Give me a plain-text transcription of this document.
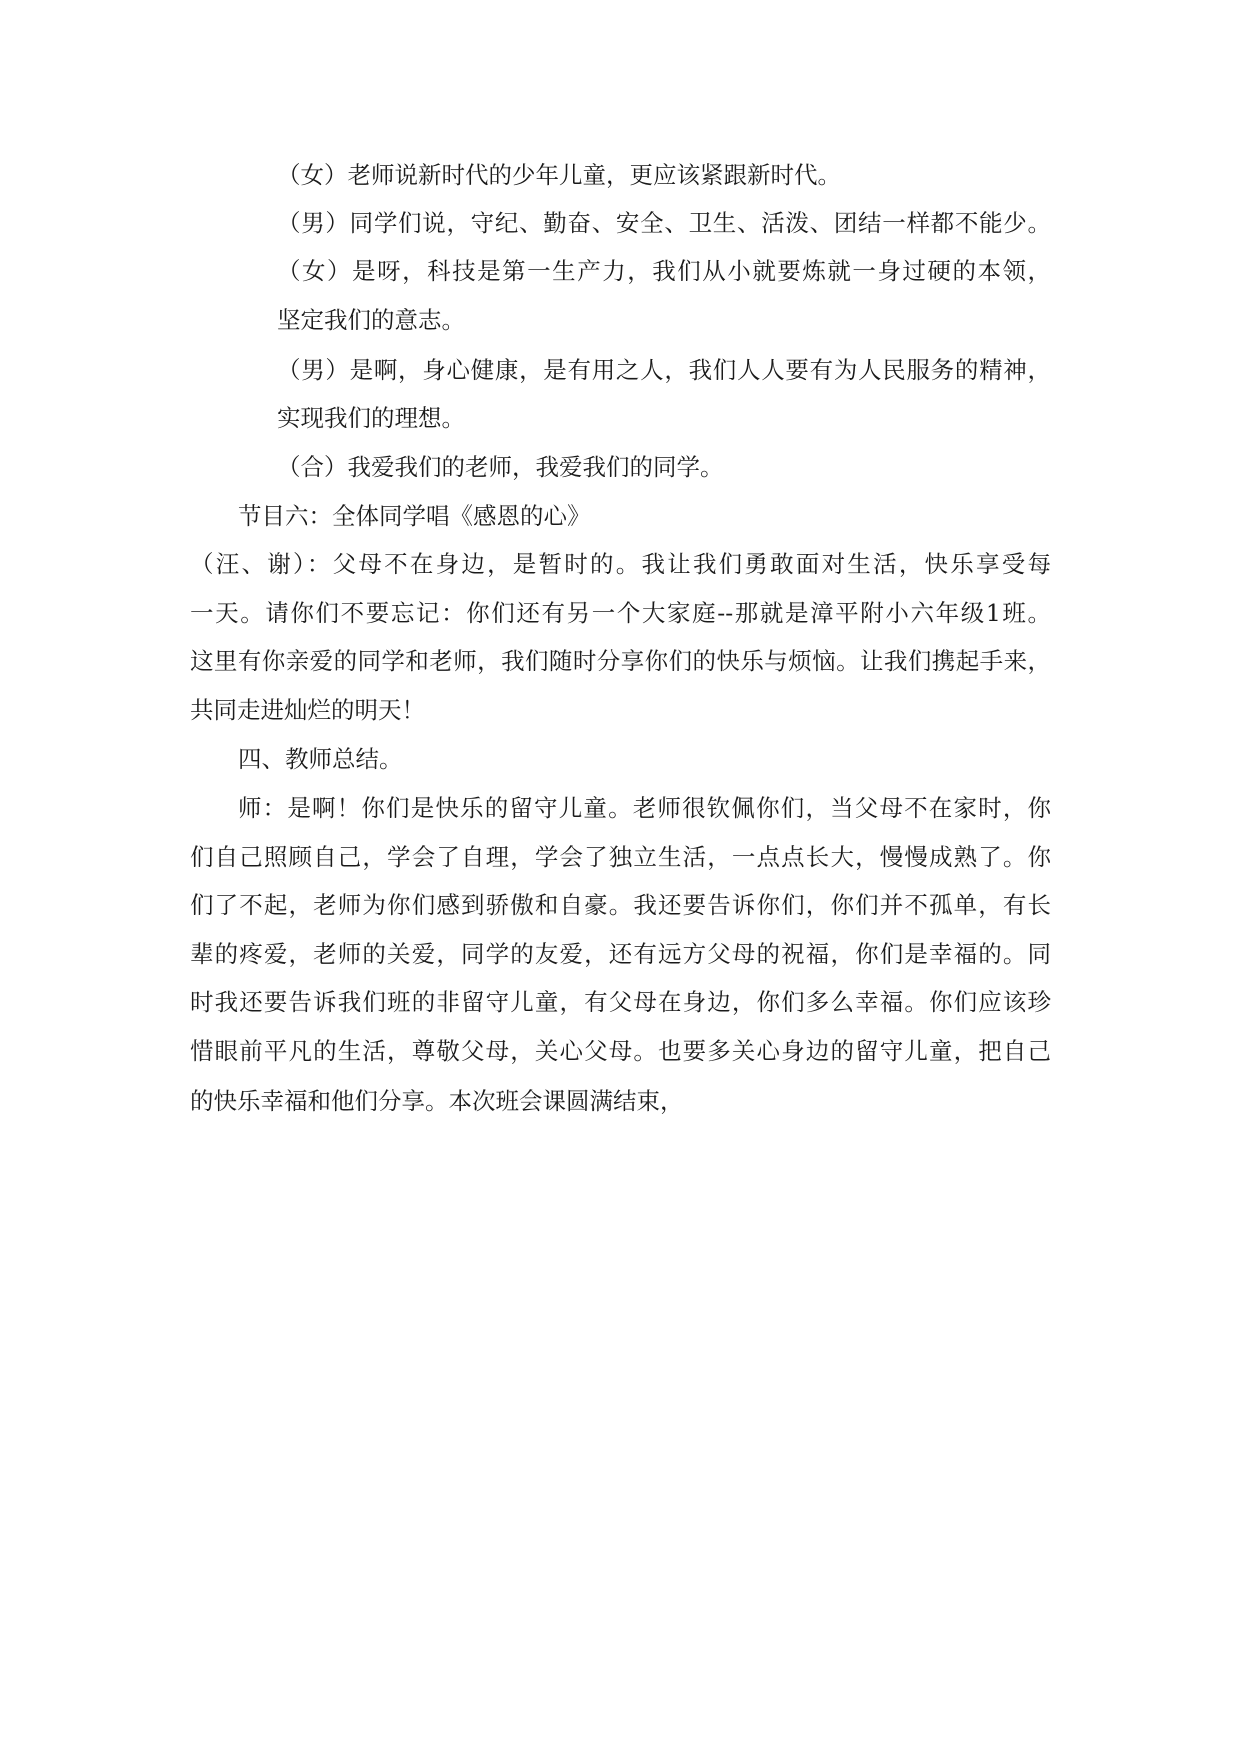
（女）老师说新时代的少年儿童，更应该紧跟新时代。
（男）同学们说，守纪、勤奋、安全、卫生、活泼、团结一样都不能少。
（女）是呀，科技是第一生产力，我们从小就要炼就一身过硬的本领，
坚定我们的意志。
（男）是啊，身心健康，是有用之人，我们人人要有为人民服务的精神，
实现我们的理想。
（合）我爱我们的老师，我爱我们的同学。
节目六：全体同学唱《感恩的心》
（汪、谢）：父母不在身边，是暂时的。我让我们勇敢面对生活，快乐享受每
一天。请你们不要忘记：你们还有另一个大家庭--那就是漳平附小六年级1班。
这里有你亲爱的同学和老师，我们随时分享你们的快乐与烦恼。让我们携起手来，
共同走进灿烂的明天！
四、教师总结。
师：是啊！你们是快乐的留守儿童。老师很钦佩你们，当父母不在家时，你
们自己照顾自己，学会了自理，学会了独立生活，一点点长大，慢慢成熟了。你
们了不起，老师为你们感到骄傲和自豪。我还要告诉你们，你们并不孤单，有长
辈的疼爱，老师的关爱，同学的友爱，还有远方父母的祝福，你们是幸福的。同
时我还要告诉我们班的非留守儿童，有父母在身边，你们多么幸福。你们应该珍
惜眼前平凡的生活，尊敬父母，关心父母。也要多关心身边的留守儿童，把自己
的快乐幸福和他们分享。本次班会课圆满结束，
